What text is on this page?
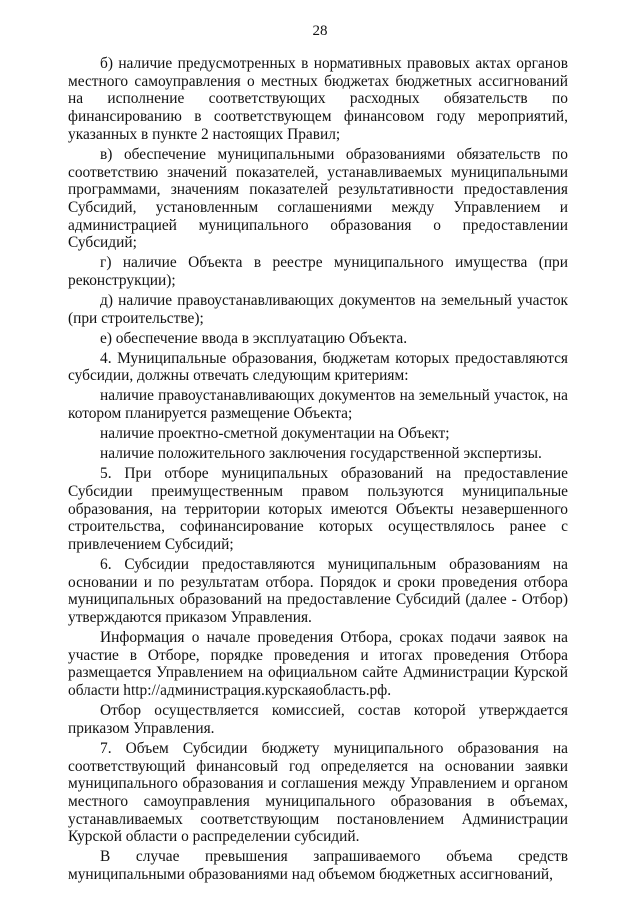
28

б) наличие предусмотренных в нормативных правовых актах органов местного самоуправления о местных бюджетах бюджетных ассигнований на исполнение соответствующих расходных обязательств по финансированию в соответствующем финансовом году мероприятий, указанных в пункте 2 настоящих Правил;

в) обеспечение муниципальными образованиями обязательств по соответствию значений показателей, устанавливаемых муниципальными программами, значениям показателей результативности предоставления Субсидий, установленным соглашениями между Управлением и администрацией муниципального образования о предоставлении Субсидий;

г) наличие Объекта в реестре муниципального имущества (при реконструкции);

д) наличие правоустанавливающих документов на земельный участок (при строительстве);

е) обеспечение ввода в эксплуатацию Объекта.

4. Муниципальные образования, бюджетам которых предоставляются субсидии, должны отвечать следующим критериям:

наличие правоустанавливающих документов на земельный участок, на котором планируется размещение Объекта;

наличие проектно-сметной документации на Объект;

наличие положительного заключения государственной экспертизы.

5. При отборе муниципальных образований на предоставление Субсидии преимущественным правом пользуются муниципальные образования, на территории которых имеются Объекты незавершенного строительства, софинансирование которых осуществлялось ранее с привлечением Субсидий;

6. Субсидии предоставляются муниципальным образованиям на основании и по результатам отбора. Порядок и сроки проведения отбора муниципальных образований на предоставление Субсидий (далее - Отбор) утверждаются приказом Управления.

Информация о начале проведения Отбора, сроках подачи заявок на участие в Отборе, порядке проведения и итогах проведения Отбора размещается Управлением на официальном сайте Администрации Курской области http://администрация.курскаяобласть.рф.

Отбор осуществляется комиссией, состав которой утверждается приказом Управления.

7. Объем Субсидии бюджету муниципального образования на соответствующий финансовый год определяется на основании заявки муниципального образования и соглашения между Управлением и органом местного самоуправления муниципального образования в объемах, устанавливаемых соответствующим постановлением Администрации Курской области о распределении субсидий.

В случае превышения запрашиваемого объема средств муниципальными образованиями над объемом бюджетных ассигнований,
